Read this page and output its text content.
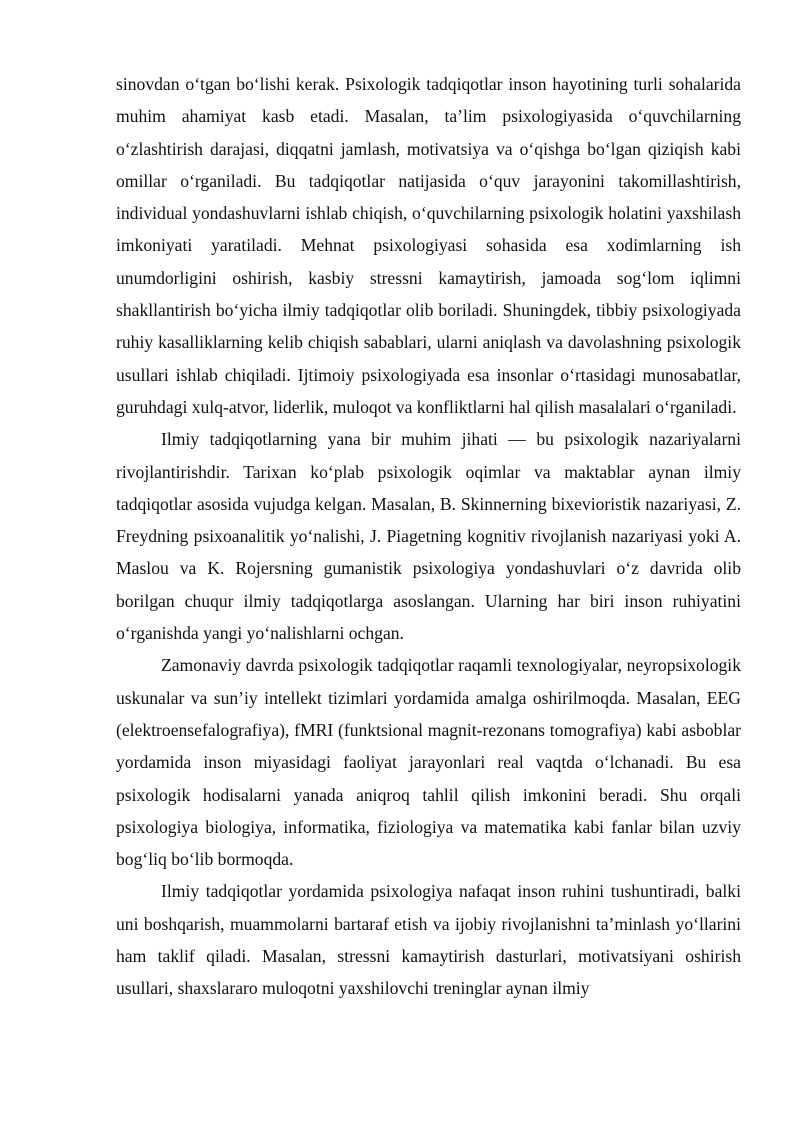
sinovdan o‘tgan bo‘lishi kerak. Psixologik tadqiqotlar inson hayotining turli sohalarida muhim ahamiyat kasb etadi. Masalan, ta’lim psixologiyasida o‘quvchilarning o‘zlashtirish darajasi, diqqatni jamlash, motivatsiya va o‘qishga bo‘lgan qiziqish kabi omillar o‘rganiladi. Bu tadqiqotlar natijasida o‘quv jarayonini takomillashtirish, individual yondashuvlarni ishlab chiqish, o‘quvchilarning psixologik holatini yaxshilash imkoniyati yaratiladi. Mehnat psixologiyasi sohasida esa xodimlarning ish unumdorligini oshirish, kasbiy stressni kamaytirish, jamoada sog‘lom iqlimni shakllantirish bo‘yicha ilmiy tadqiqotlar olib boriladi. Shuningdek, tibbiy psixologiyada ruhiy kasalliklarning kelib chiqish sabablari, ularni aniqlash va davolashning psixologik usullari ishlab chiqiladi. Ijtimoiy psixologiyada esa insonlar o‘rtasidagi munosabatlar, guruhdagi xulq-atvor, liderlik, muloqot va konfliktlarni hal qilish masalalari o‘rganiladi.

Ilmiy tadqiqotlarning yana bir muhim jihati — bu psixologik nazariyalarni rivojlantirishdir. Tarixan ko‘plab psixologik oqimlar va maktablar aynan ilmiy tadqiqotlar asosida vujudga kelgan. Masalan, B. Skinnerning bixevioristik nazariyasi, Z. Freydning psixoanalitik yo‘nalishi, J. Piagetning kognitiv rivojlanish nazariyasi yoki A. Maslou va K. Rojersning gumanistik psixologiya yondashuvlari o‘z davrida olib borilgan chuqur ilmiy tadqiqotlarga asoslangan. Ularning har biri inson ruhiyatini o‘rganishda yangi yo‘nalishlarni ochgan.

Zamonaviy davrda psixologik tadqiqotlar raqamli texnologiyalar, neyropsixologik uskunalar va sun’iy intellekt tizimlari yordamida amalga oshirilmoqda. Masalan, EEG (elektroensefalografiya), fMRI (funktsional magnit-rezonans tomografiya) kabi asboblar yordamida inson miyasidagi faoliyat jarayonlari real vaqtda o‘lchanadi. Bu esa psixologik hodisalarni yanada aniqroq tahlil qilish imkonini beradi. Shu orqali psixologiya biologiya, informatika, fiziologiya va matematika kabi fanlar bilan uzviy bog‘liq bo‘lib bormoqda.

Ilmiy tadqiqotlar yordamida psixologiya nafaqat inson ruhini tushuntiradi, balki uni boshqarish, muammolarni bartaraf etish va ijobiy rivojlanishni ta’minlash yo‘llarini ham taklif qiladi. Masalan, stressni kamaytirish dasturlari, motivatsiyani oshirish usullari, shaxslararo muloqotni yaxshilovchi treninglar aynan ilmiy
